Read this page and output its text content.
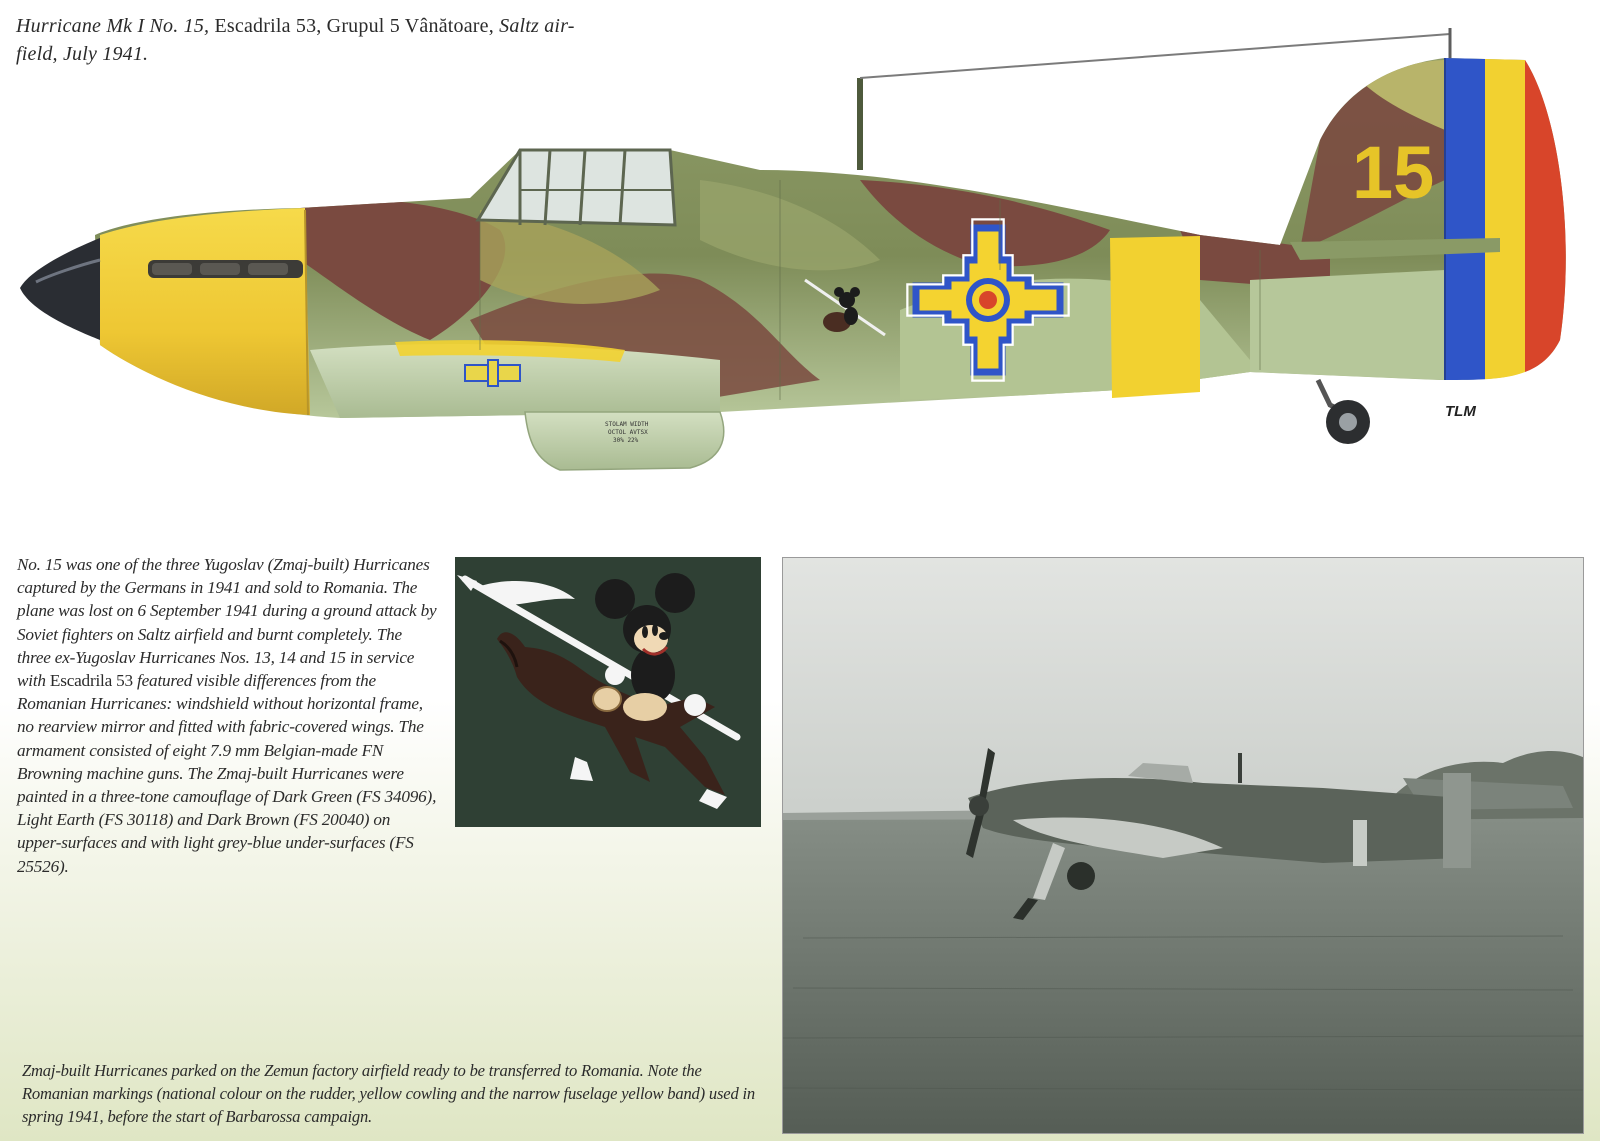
Hurricane Mk I No. 15, Escadrila 53, Grupul 5 Vânătoare, Saltz air-
field, July 1941.
15
STOLAM WIDTH
OCTOL AVTSX
30% 22%
TLM
No. 15 was one of the three Yugoslav (Zmaj-built) Hurricanes captured by the Germans in 1941 and sold to Romania. The plane was lost on 6 September 1941 during a ground attack by Soviet fighters on Saltz airfield and burnt completely. The three ex-Yugoslav Hurricanes Nos. 13, 14 and 15 in service with Escadrila 53 featured visible differences from the Romanian Hurricanes: windshield without horizontal frame, no rearview mirror and fitted with fabric-covered wings. The armament consisted of eight 7.9 mm Belgian-made FN Browning machine guns. The Zmaj-built Hurricanes were painted in a three-tone camouflage of Dark Green (FS 34096), Light Earth (FS 30118) and Dark Brown (FS 20040) on upper-surfaces and with light grey-blue under-surfaces (FS 25526).
Zmaj-built Hurricanes parked on the Zemun factory airfield ready to be transferred to Romania. Note the Romanian markings (national colour on the rudder, yellow cowling and the narrow fuselage yellow band) used in spring 1941, before the start of Barbarossa campaign.
